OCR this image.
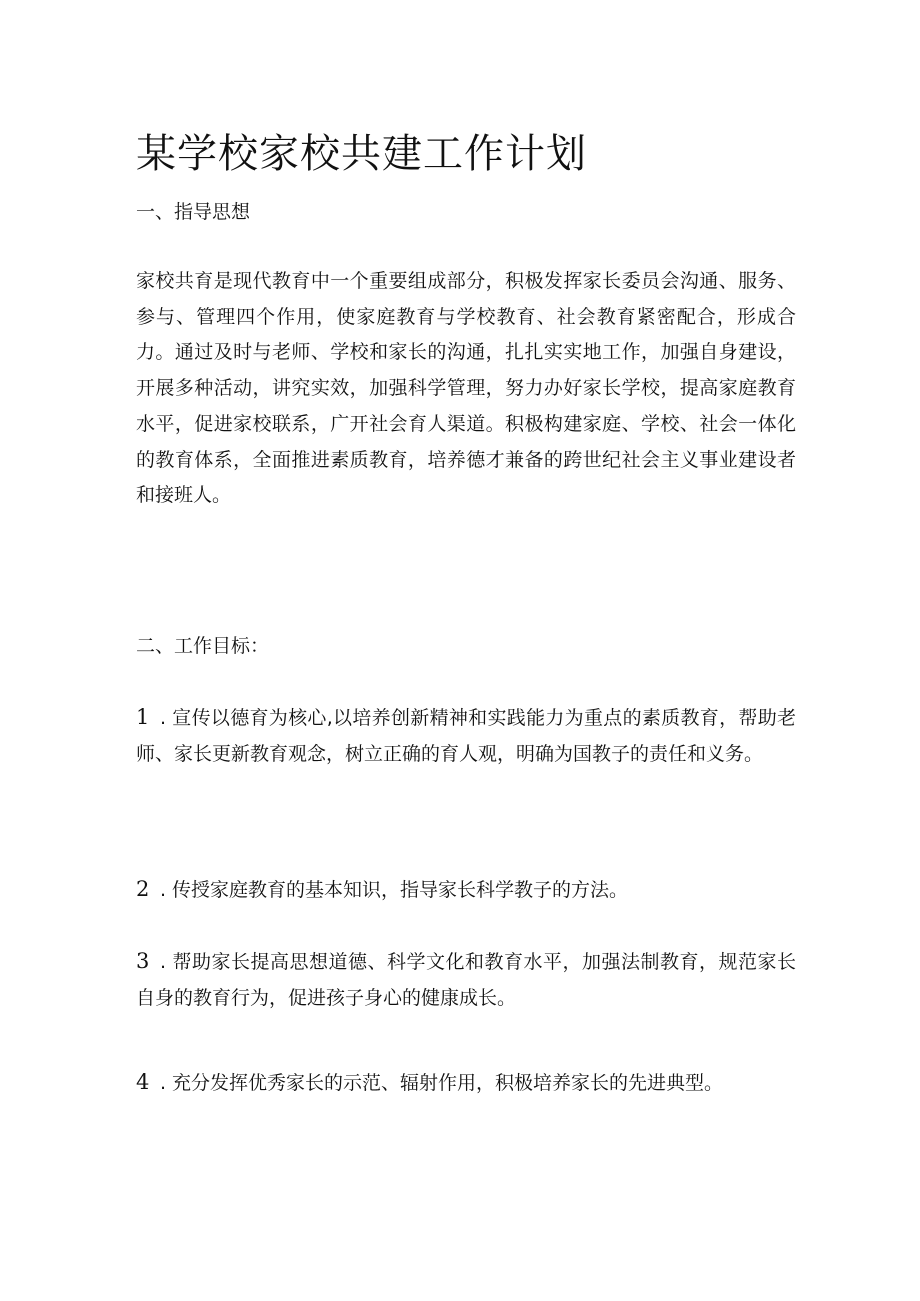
某学校家校共建工作计划
一、指导思想

家校共育是现代教育中一个重要组成部分，积极发挥家长委员会沟通、服务、参与、管理四个作用，使家庭教育与学校教育、社会教育紧密配合，形成合力。通过及时与老师、学校和家长的沟通，扎扎实实地工作，加强自身建设，开展多种活动，讲究实效，加强科学管理，努力办好家长学校，提高家庭教育水平，促进家校联系，广开社会育人渠道。积极构建家庭、学校、社会一体化的教育体系，全面推进素质教育，培养德才兼备的跨世纪社会主义事业建设者和接班人。

二、工作目标：

1 . 宣传以德育为核心,以培养创新精神和实践能力为重点的素质教育，帮助老师、家长更新教育观念，树立正确的育人观，明确为国教子的责任和义务。

2 . 传授家庭教育的基本知识，指导家长科学教子的方法。

3 . 帮助家长提高思想道德、科学文化和教育水平，加强法制教育，规范家长自身的教育行为，促进孩子身心的健康成长。

4 . 充分发挥优秀家长的示范、辐射作用，积极培养家长的先进典型。
